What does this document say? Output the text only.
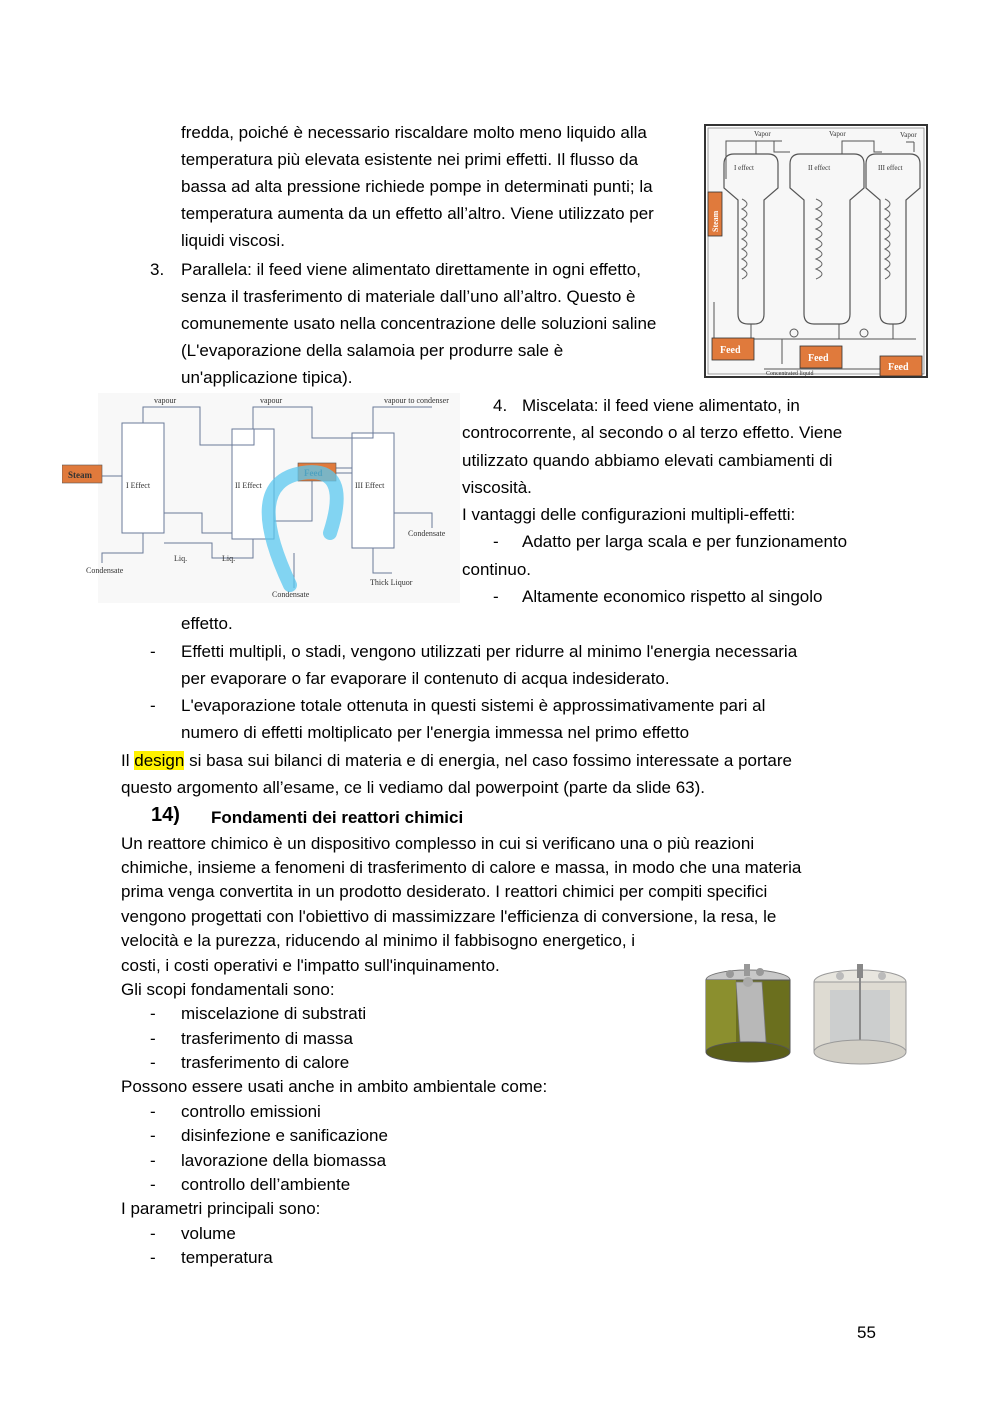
fredda, poiché è necessario riscaldare molto meno liquido alla
temperatura più elevata esistente nei primi effetti. Il flusso da
bassa ad alta pressione richiede pompe in determinati punti; la
temperatura aumenta da un effetto all’altro. Viene utilizzato per
liquidi viscosi.
3. Parallela: il feed viene alimentato direttamente in ogni effetto,
senza il trasferimento di materiale dall’uno all’altro. Questo è
comunemente usato nella concentrazione delle soluzioni saline
(L'evaporazione della salamoia per produrre sale è
un'applicazione tipica).
Vapor	Vapor	Vapor
I effect	II effect	III effect
Steam
Feed
Feed
Feed
Concentrated liquid
vapour	vapour	vapour to condenser
Steam	Feed
I Effect	II Effect	III Effect
Liq.	Liq.
Condensate
Condensate
Condensate
Thick Liquor
4. Miscelata: il feed viene alimentato, in
controcorrente, al secondo o al terzo effetto. Viene
utilizzato quando abbiamo elevati cambiamenti di
viscosità.
I vantaggi delle configurazioni multipli-effetti:
- Adatto per larga scala e per funzionamento
continuo.
- Altamente economico rispetto al singolo
effetto.
- Effetti multipli, o stadi, vengono utilizzati per ridurre al minimo l'energia necessaria
per evaporare o far evaporare il contenuto di acqua indesiderato.
- L'evaporazione totale ottenuta in questi sistemi è approssimativamente pari al
numero di effetti moltiplicato per l'energia immessa nel primo effetto
Il design si basa sui bilanci di materia e di energia, nel caso fossimo interessate a portare
questo argomento all’esame, ce li vediamo dal powerpoint (parte da slide 63).
14) Fondamenti dei reattori chimici
Un reattore chimico è un dispositivo complesso in cui si verificano una o più reazioni
chimiche, insieme a fenomeni di trasferimento di calore e massa, in modo che una materia
prima venga convertita in un prodotto desiderato. I reattori chimici per compiti specifici
vengono progettati con l'obiettivo di massimizzare l'efficienza di conversione, la resa, le
velocità e la purezza, riducendo al minimo il fabbisogno energetico, i
costi, i costi operativi e l'impatto sull'inquinamento.
Gli scopi fondamentali sono:
- miscelazione di substrati
- trasferimento di massa
- trasferimento di calore
Possono essere usati anche in ambito ambientale come:
- controllo emissioni
- disinfezione e sanificazione
- lavorazione della biomassa
- controllo dell’ambiente
I parametri principali sono:
- volume
- temperatura
55
